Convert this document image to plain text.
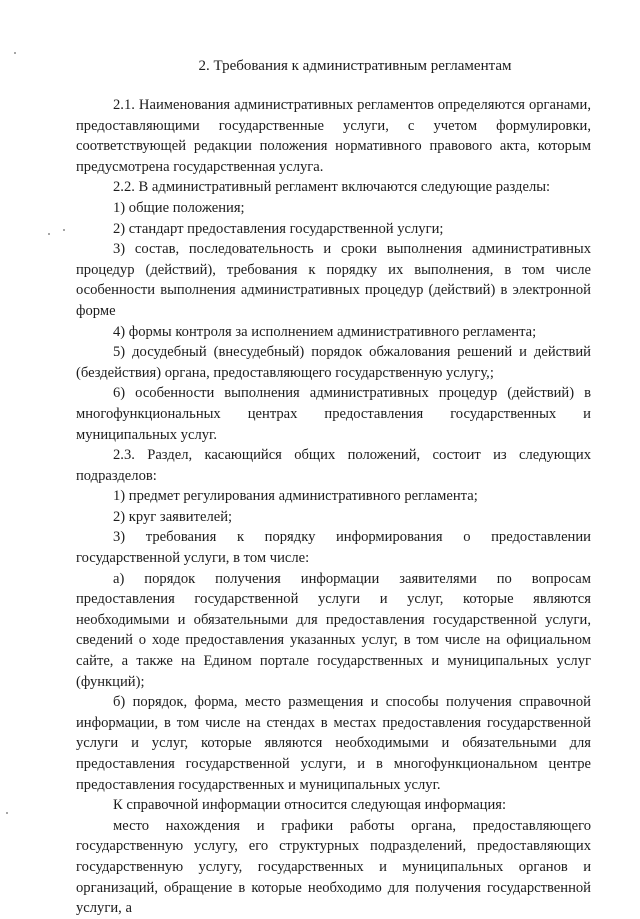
2. Требования к административным регламентам

2.1. Наименования административных регламентов определяются органами, предоставляющими государственные услуги, с учетом формулировки, соответствующей редакции положения нормативного правового акта, которым предусмотрена государственная услуга.

2.2. В административный регламент включаются следующие разделы:

1) общие положения;

2) стандарт предоставления государственной услуги;

3) состав, последовательность и сроки выполнения административных процедур (действий), требования к порядку их выполнения, в том числе особенности выполнения административных процедур (действий) в электронной форме

4) формы контроля за исполнением административного регламента;

5) досудебный (внесудебный) порядок обжалования решений и действий (бездействия) органа, предоставляющего государственную услугу,;

6) особенности выполнения административных процедур (действий) в многофункциональных центрах предоставления государственных и муниципальных услуг.

2.3. Раздел, касающийся общих положений, состоит из следующих подразделов:

1) предмет регулирования административного регламента;

2) круг заявителей;

3) требования к порядку информирования о предоставлении государственной услуги, в том числе:

а) порядок получения информации заявителями по вопросам предоставления государственной услуги и услуг, которые являются необходимыми и обязательными для предоставления государственной услуги, сведений о ходе предоставления указанных услуг, в том числе на официальном сайте, а также на Едином портале государственных и муниципальных услуг (функций);

б) порядок, форма, место размещения и способы получения справочной информации, в том числе на стендах в местах предоставления государственной услуги и услуг, которые являются необходимыми и обязательными для предоставления государственной услуги, и в многофункциональном центре предоставления государственных и муниципальных услуг.

К справочной информации относится следующая информация:

место нахождения и графики работы органа, предоставляющего государственную услугу, его структурных подразделений, предоставляющих государственную услугу, государственных и муниципальных органов и организаций, обращение в которые необходимо для получения государственной услуги, а
